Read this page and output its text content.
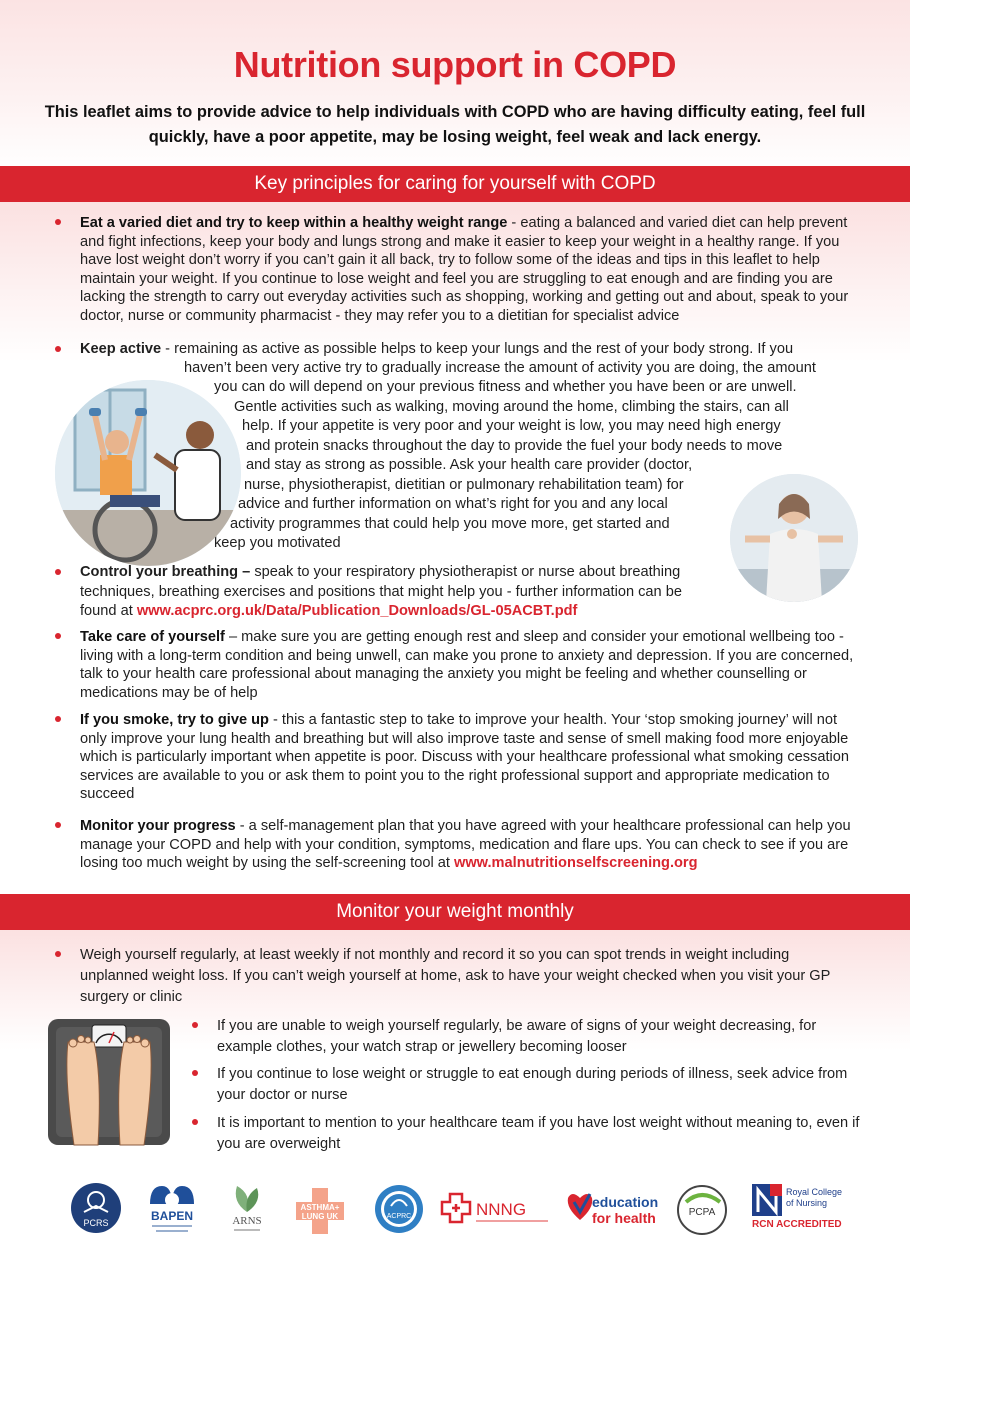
Nutrition support in COPD
This leaflet aims to provide advice to help individuals with COPD who are having difficulty eating, feel full quickly, have a poor appetite, may be losing weight, feel weak and lack energy.
Key principles for caring for yourself with COPD

Eat a varied diet and try to keep within a healthy weight range - eating a balanced and varied diet can help prevent and fight infections, keep your body and lungs strong and make it easier to keep your weight in a healthy range. If you have lost weight don’t worry if you can’t gain it all back, try to follow some of the ideas and tips in this leaflet to help maintain your weight. If you continue to lose weight and feel you are struggling to eat enough and are finding you are lacking the strength to carry out everyday activities such as shopping, working and getting out and about, speak to your doctor, nurse or community pharmacist - they may refer you to a dietitian for specialist advice

Keep active - remaining as active as possible helps to keep your lungs and the rest of your body strong. If you
haven’t been very active try to gradually increase the amount of activity you are doing, the amount
you can do will depend on your previous fitness and whether you have been or are unwell.
Gentle activities such as walking, moving around the home, climbing the stairs, can all
help. If your appetite is very poor and your weight is low, you may need high energy
and protein snacks throughout the day to provide the fuel your body needs to move
and stay as strong as possible. Ask your health care provider (doctor,
nurse, physiotherapist, dietitian or pulmonary rehabilitation team) for
advice and further information on what’s right for you and any local
activity programmes that could help you move more, get started and
keep you motivated
Control your breathing – speak to your respiratory physiotherapist or nurse about breathing
techniques, breathing exercises and positions that might help you - further information can be
found at www.acprc.org.uk/Data/Publication_Downloads/GL-05ACBT.pdf

Take care of yourself – make sure you are getting enough rest and sleep and consider your emotional wellbeing too - living with a long-term condition and being unwell, can make you prone to anxiety and depression. If you are concerned, talk to your health care professional about managing the anxiety you might be feeling and whether counselling or medications may be of help

If you smoke, try to give up - this a fantastic step to take to improve your health. Your ‘stop smoking journey’ will not only improve your lung health and breathing but will also improve taste and sense of smell making food more enjoyable which is particularly important when appetite is poor. Discuss with your healthcare professional what smoking cessation services are available to you or ask them to point you to the right professional support and appropriate medication to succeed

Monitor your progress - a self-management plan that you have agreed with your healthcare professional can help you manage your COPD and help with your condition, symptoms, medication and flare ups. You can check to see if you are losing too much weight by using the self-screening tool at www.malnutritionselfscreening.org

Monitor your weight monthly

Weigh yourself regularly, at least weekly if not monthly and record it so you can spot trends in weight including unplanned weight loss. If you can’t weigh yourself at home, ask to have your weight checked when you visit your GP surgery or clinic

If you are unable to weigh yourself regularly, be aware of signs of your weight decreasing, for example clothes, your watch strap or jewellery becoming looser

If you continue to lose weight or struggle to eat enough during periods of illness, seek advice from your doctor or nurse

It is important to mention to your healthcare team if you have lost weight without meaning to, even if you are overweight

PCRS	BAPEN	ARNS
ASTHMA+
LUNG UK	ACPRC	NNNG	education
for health	PCPA
Royal College
of Nursing
RCN ACCREDITED
